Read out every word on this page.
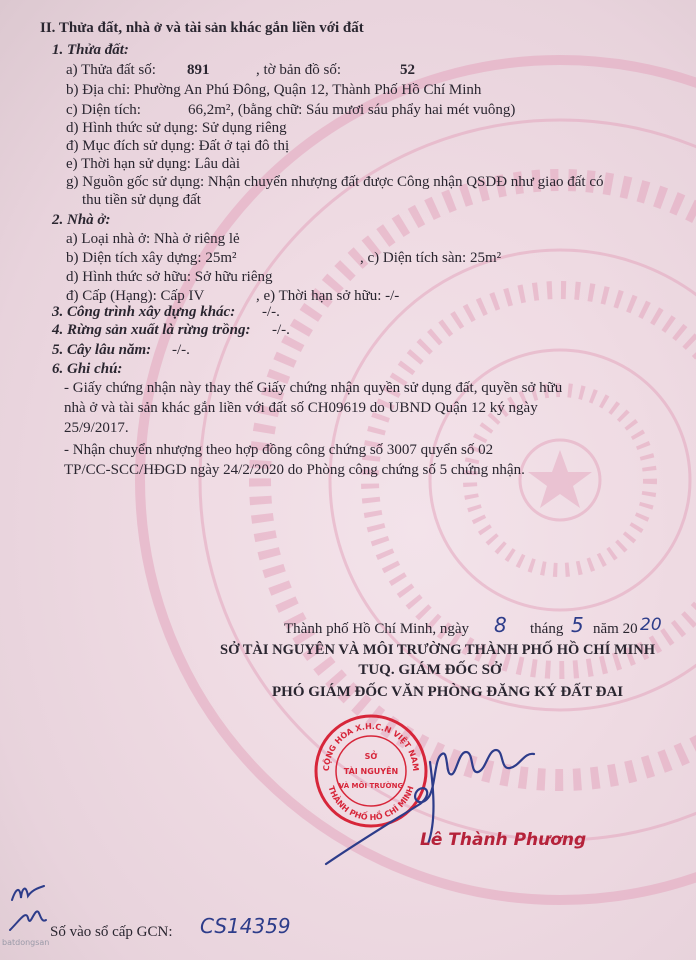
II. Thửa đất, nhà ở và tài sản khác gắn liền với đất
1. Thửa đất:
a) Thửa đất số: 891	, tờ bản đồ số:	52
b) Địa chỉ: Phường An Phú Đông, Quận 12, Thành Phố Hồ Chí Minh
c) Diện tích:	66,2m², (bằng chữ: Sáu mươi sáu phẩy hai mét vuông)
d) Hình thức sử dụng: Sử dụng riêng
đ) Mục đích sử dụng: Đất ở tại đô thị
e) Thời hạn sử dụng: Lâu dài
g) Nguồn gốc sử dụng: Nhận chuyển nhượng đất được Công nhận QSDĐ như giao đất có
thu tiền sử dụng đất
2. Nhà ở:
a) Loại nhà ở: Nhà ở riêng lẻ
b) Diện tích xây dựng: 25m²	, c) Diện tích sàn: 25m²
d) Hình thức sở hữu: Sở hữu riêng
đ) Cấp (Hạng): Cấp IV	, e) Thời hạn sở hữu: -/-
3. Công trình xây dựng khác: -/-.
4. Rừng sản xuất là rừng trồng: -/-.
5. Cây lâu năm: -/-.
6. Ghi chú:
- Giấy chứng nhận này thay thế Giấy chứng nhận quyền sử dụng đất, quyền sở hữu
nhà ở và tài sản khác gắn liền với đất số CH09619 do UBND Quận 12 ký ngày
25/9/2017.
- Nhận chuyển nhượng theo hợp đồng công chứng số 3007 quyển số 02
TP/CC-SCC/HĐGD ngày 24/2/2020 do Phòng công chứng số 5 chứng nhận.
Thành phố Hồ Chí Minh, ngày 8 tháng 5 năm 20 20
SỞ TÀI NGUYÊN VÀ MÔI TRƯỜNG THÀNH PHỐ HỒ CHÍ MINH
TUQ. GIÁM ĐỐC SỞ
PHÓ GIÁM ĐỐC VĂN PHÒNG ĐĂNG KÝ ĐẤT ĐAI
CỘNG HÒA X.H.C.N VIỆT NAM
THÀNH PHỐ HỒ CHÍ MINH
SỞ
TÀI NGUYÊN
VÀ MÔI TRƯỜNG
Lê Thành Phương
Số vào sổ cấp GCN: CS14359
batdongsan
